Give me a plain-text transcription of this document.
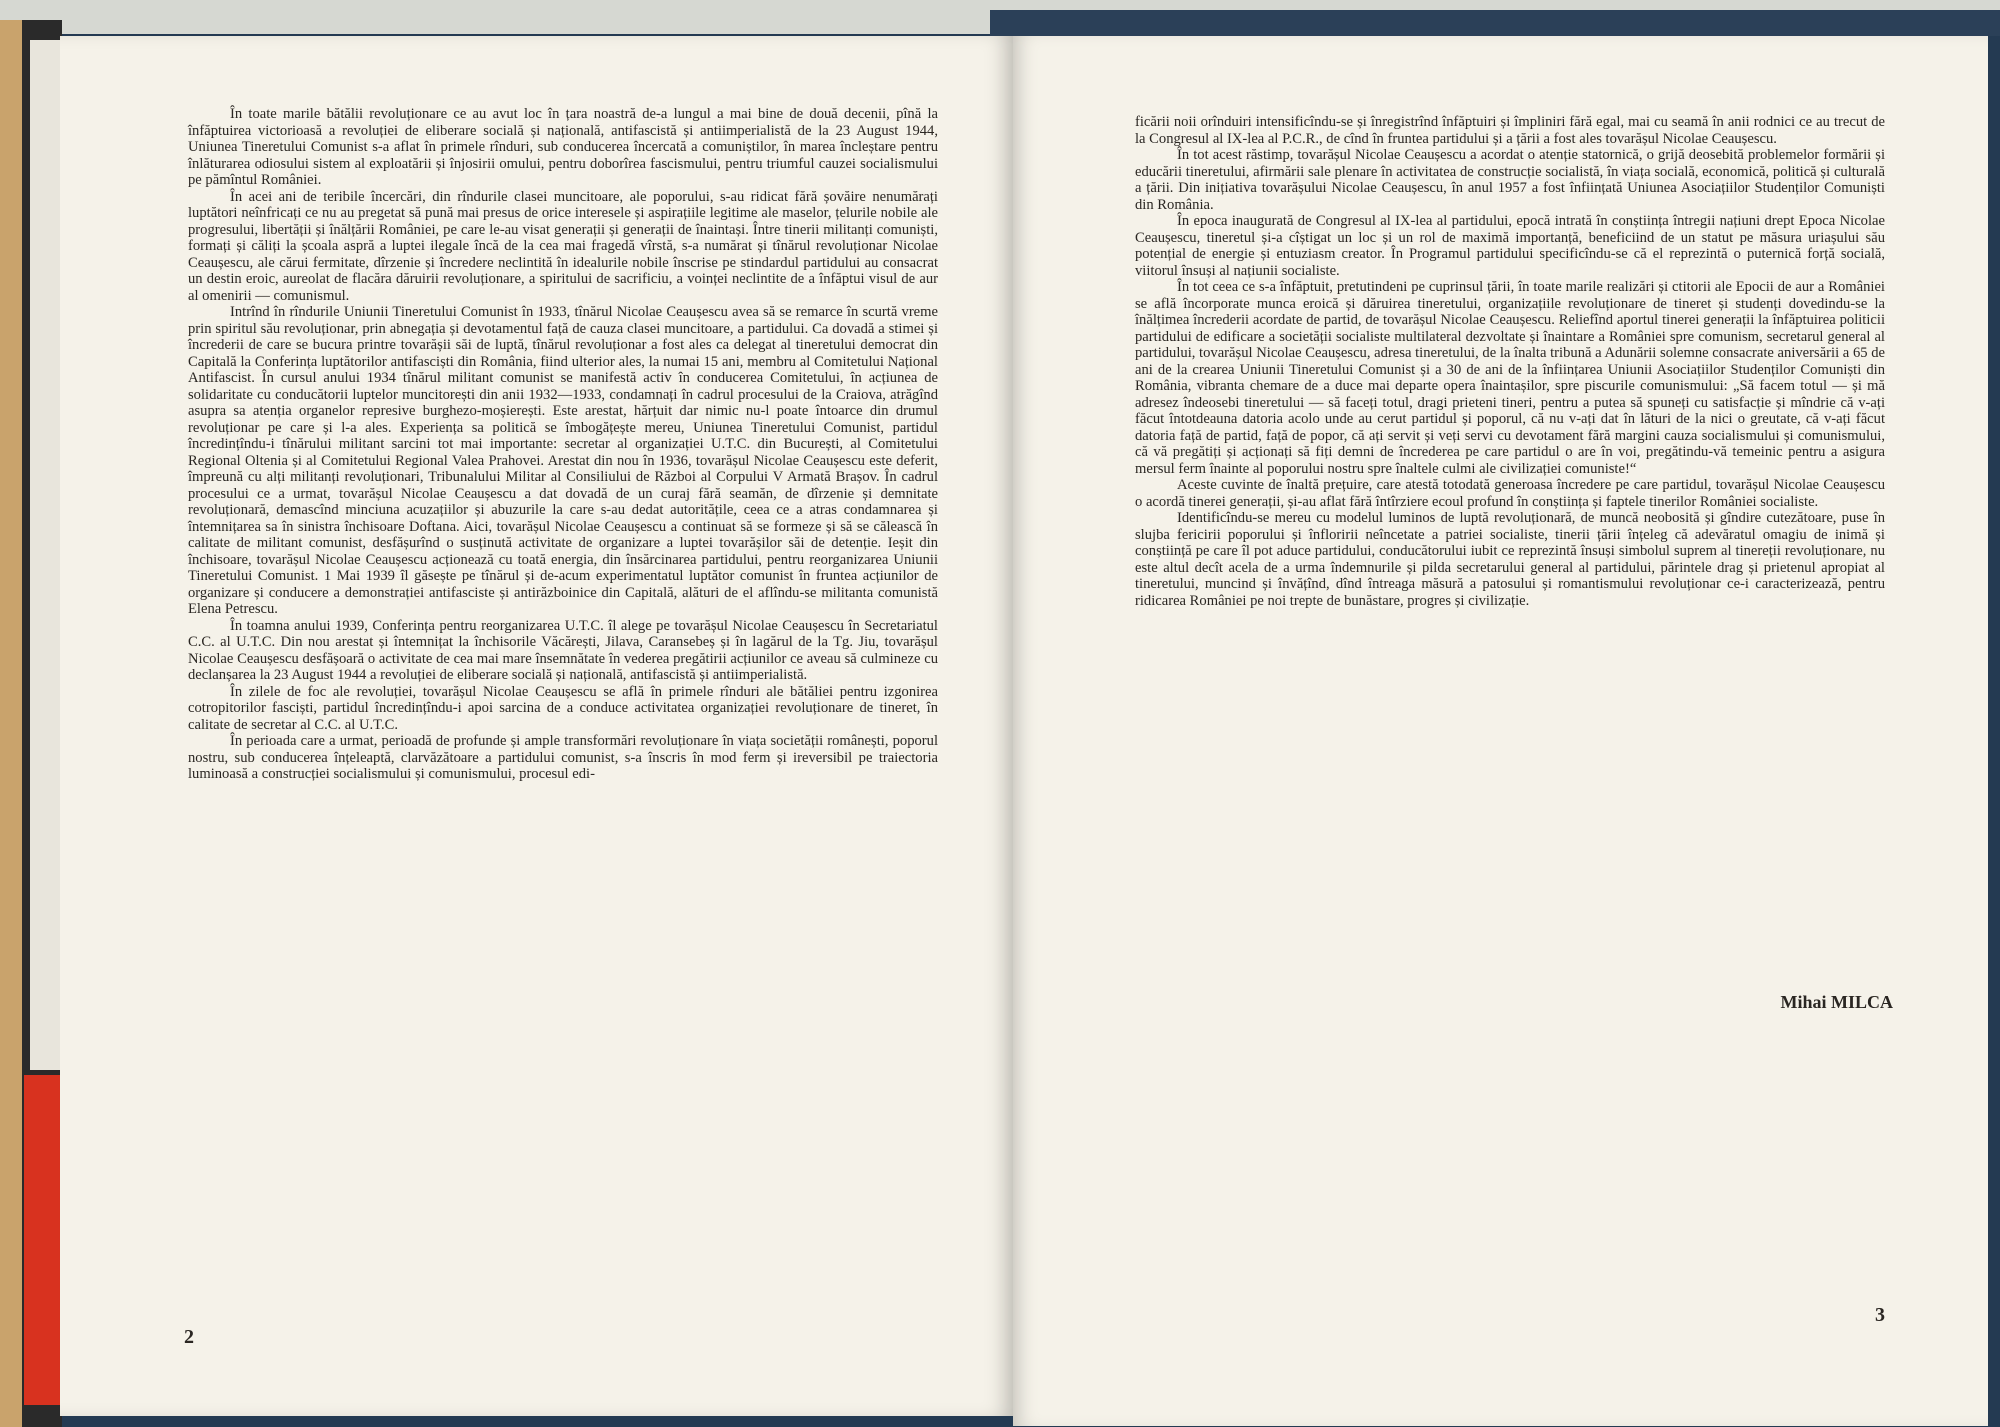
În toate marile bătălii revoluționare ce au avut loc în țara noastră de-a lungul a mai bine de două decenii, pînă la înfăptuirea victorioasă a revoluției de eliberare socială și națională, antifascistă și antiimperialistă de la 23 August 1944, Uniunea Tineretului Comunist s-a aflat în primele rînduri, sub conducerea încercată a comuniștilor, în marea încleștare pentru înlăturarea odiosului sistem al exploatării și înjosirii omului, pentru doborîrea fascismului, pentru triumful cauzei socialismului pe pămîntul României.

În acei ani de teribile încercări, din rîndurile clasei muncitoare, ale poporului, s-au ridicat fără șovăire nenumărați luptători neînfricați ce nu au pregetat să pună mai presus de orice interesele și aspirațiile legitime ale maselor, țelurile nobile ale progresului, libertății și înălțării României, pe care le-au visat generații și generații de înaintași. Între tinerii militanți comuniști, formați și căliți la școala aspră a luptei ilegale încă de la cea mai fragedă vîrstă, s-a numărat și tînărul revoluționar Nicolae Ceaușescu, ale cărui fermitate, dîrzenie și încredere neclintită în idealurile nobile înscrise pe stindardul partidului au consacrat un destin eroic, aureolat de flacăra dăruirii revoluționare, a spiritului de sacrificiu, a voinței neclintite de a înfăptui visul de aur al omenirii — comunismul.

Intrînd în rîndurile Uniunii Tineretului Comunist în 1933, tînărul Nicolae Ceaușescu avea să se remarce în scurtă vreme prin spiritul său revoluționar, prin abnegația și devotamentul față de cauza clasei muncitoare, a partidului. Ca dovadă a stimei și încrederii de care se bucura printre tovarășii săi de luptă, tînărul revoluționar a fost ales ca delegat al tineretului democrat din Capitală la Conferința luptătorilor antifasciști din România, fiind ulterior ales, la numai 15 ani, membru al Comitetului Național Antifascist. În cursul anului 1934 tînărul militant comunist se manifestă activ în conducerea Comitetului, în acțiunea de solidaritate cu conducătorii luptelor muncitorești din anii 1932—1933, condamnați în cadrul procesului de la Craiova, atrăgînd asupra sa atenția organelor represive burghezo-moșierești. Este arestat, hărțuit dar nimic nu-l poate întoarce din drumul revoluționar pe care și l-a ales. Experiența sa politică se îmbogățește mereu, Uniunea Tineretului Comunist, partidul încredințîndu-i tînărului militant sarcini tot mai importante: secretar al organizației U.T.C. din București, al Comitetului Regional Oltenia și al Comitetului Regional Valea Prahovei. Arestat din nou în 1936, tovarășul Nicolae Ceaușescu este deferit, împreună cu alți militanți revoluționari, Tribunalului Militar al Consiliului de Război al Corpului V Armată Brașov. În cadrul procesului ce a urmat, tovarășul Nicolae Ceaușescu a dat dovadă de un curaj fără seamăn, de dîrzenie și demnitate revoluționară, demascînd minciuna acuzațiilor și abuzurile la care s-au dedat autoritățile, ceea ce a atras condamnarea și întemnițarea sa în sinistra închisoare Doftana. Aici, tovarășul Nicolae Ceaușescu a continuat să se formeze și să se călească în calitate de militant comunist, desfășurînd o susținută activitate de organizare a luptei tovarășilor săi de detenție. Ieșit din închisoare, tovarășul Nicolae Ceaușescu acționează cu toată energia, din însărcinarea partidului, pentru reorganizarea Uniunii Tineretului Comunist. 1 Mai 1939 îl găsește pe tînărul și de-acum experimentatul luptător comunist în fruntea acțiunilor de organizare și conducere a demonstrației antifasciste și antirăzboinice din Capitală, alături de el aflîndu-se militanta comunistă Elena Petrescu.

În toamna anului 1939, Conferința pentru reorganizarea U.T.C. îl alege pe tovarășul Nicolae Ceaușescu în Secretariatul C.C. al U.T.C. Din nou arestat și întemnițat la închisorile Văcărești, Jilava, Caransebeș și în lagărul de la Tg. Jiu, tovarășul Nicolae Ceaușescu desfășoară o activitate de cea mai mare însemnătate în vederea pregătirii acțiunilor ce aveau să culmineze cu declanșarea la 23 August 1944 a revoluției de eliberare socială și națională, antifascistă și antiimperialistă.

În zilele de foc ale revoluției, tovarășul Nicolae Ceaușescu se află în primele rînduri ale bătăliei pentru izgonirea cotropitorilor fasciști, partidul încredințîndu-i apoi sarcina de a conduce activitatea organizației revoluționare de tineret, în calitate de secretar al C.C. al U.T.C.

În perioada care a urmat, perioadă de profunde și ample transformări revoluționare în viața societății românești, poporul nostru, sub conducerea înțeleaptă, clarvăzătoare a partidului comunist, s-a înscris în mod ferm și ireversibil pe traiectoria luminoasă a construcției socialismului și comunismului, procesul edi-

2

ficării noii orînduiri intensificîndu-se și înregistrînd înfăptuiri și împliniri fără egal, mai cu seamă în anii rodnici ce au trecut de la Congresul al IX-lea al P.C.R., de cînd în fruntea partidului și a țării a fost ales tovarășul Nicolae Ceaușescu.

În tot acest răstimp, tovarășul Nicolae Ceaușescu a acordat o atenție statornică, o grijă deosebită problemelor formării și educării tineretului, afirmării sale plenare în activitatea de construcție socialistă, în viața socială, economică, politică și culturală a țării. Din inițiativa tovarășului Nicolae Ceaușescu, în anul 1957 a fost înființată Uniunea Asociațiilor Studenților Comuniști din România.

În epoca inaugurată de Congresul al IX-lea al partidului, epocă intrată în conștiința întregii națiuni drept Epoca Nicolae Ceaușescu, tineretul și-a cîștigat un loc și un rol de maximă importanță, beneficiind de un statut pe măsura uriașului său potențial de energie și entuziasm creator. În Programul partidului specificîndu-se că el reprezintă o puternică forță socială, viitorul însuși al națiunii socialiste.

În tot ceea ce s-a înfăptuit, pretutindeni pe cuprinsul țării, în toate marile realizări și ctitorii ale Epocii de aur a României se află încorporate munca eroică și dăruirea tineretului, organizațiile revoluționare de tineret și studenți dovedindu-se la înălțimea încrederii acordate de partid, de tovarășul Nicolae Ceaușescu. Reliefînd aportul tinerei generații la înfăptuirea politicii partidului de edificare a societății socialiste multilateral dezvoltate și înaintare a României spre comunism, secretarul general al partidului, tovarășul Nicolae Ceaușescu, adresa tineretului, de la înalta tribună a Adunării solemne consacrate aniversării a 65 de ani de la crearea Uniunii Tineretului Comunist și a 30 de ani de la înființarea Uniunii Asociațiilor Studenților Comuniști din România, vibranta chemare de a duce mai departe opera înaintașilor, spre piscurile comunismului: „Să facem totul — și mă adresez îndeosebi tineretului — să faceți totul, dragi prieteni tineri, pentru a putea să spuneți cu satisfacție și mîndrie că v-ați făcut întotdeauna datoria acolo unde au cerut partidul și poporul, că nu v-ați dat în lături de la nici o greutate, că v-ați făcut datoria față de partid, față de popor, că ați servit și veți servi cu devotament fără margini cauza socialismului și comunismului, că vă pregătiți și acționați să fiți demni de încrederea pe care partidul o are în voi, pregătindu-vă temeinic pentru a asigura mersul ferm înainte al poporului nostru spre înaltele culmi ale civilizației comuniste!“

Aceste cuvinte de înaltă prețuire, care atestă totodată generoasa încredere pe care partidul, tovarășul Nicolae Ceaușescu o acordă tinerei generații, și-au aflat fără întîrziere ecoul profund în conștiința și faptele tinerilor României socialiste.

Identificîndu-se mereu cu modelul luminos de luptă revoluționară, de muncă neobosită și gîndire cutezătoare, puse în slujba fericirii poporului și înfloririi neîncetate a patriei socialiste, tinerii țării înțeleg că adevăratul omagiu de inimă și conștiință pe care îl pot aduce partidului, conducătorului iubit ce reprezintă însuși simbolul suprem al tinereții revoluționare, nu este altul decît acela de a urma îndemnurile și pilda secretarului general al partidului, părintele drag și prietenul apropiat al tineretului, muncind și învățînd, dînd întreaga măsură a patosului și romantismului revoluționar ce-i caracterizează, pentru ridicarea României pe noi trepte de bunăstare, progres și civilizație.

Mihai MILCA
3
